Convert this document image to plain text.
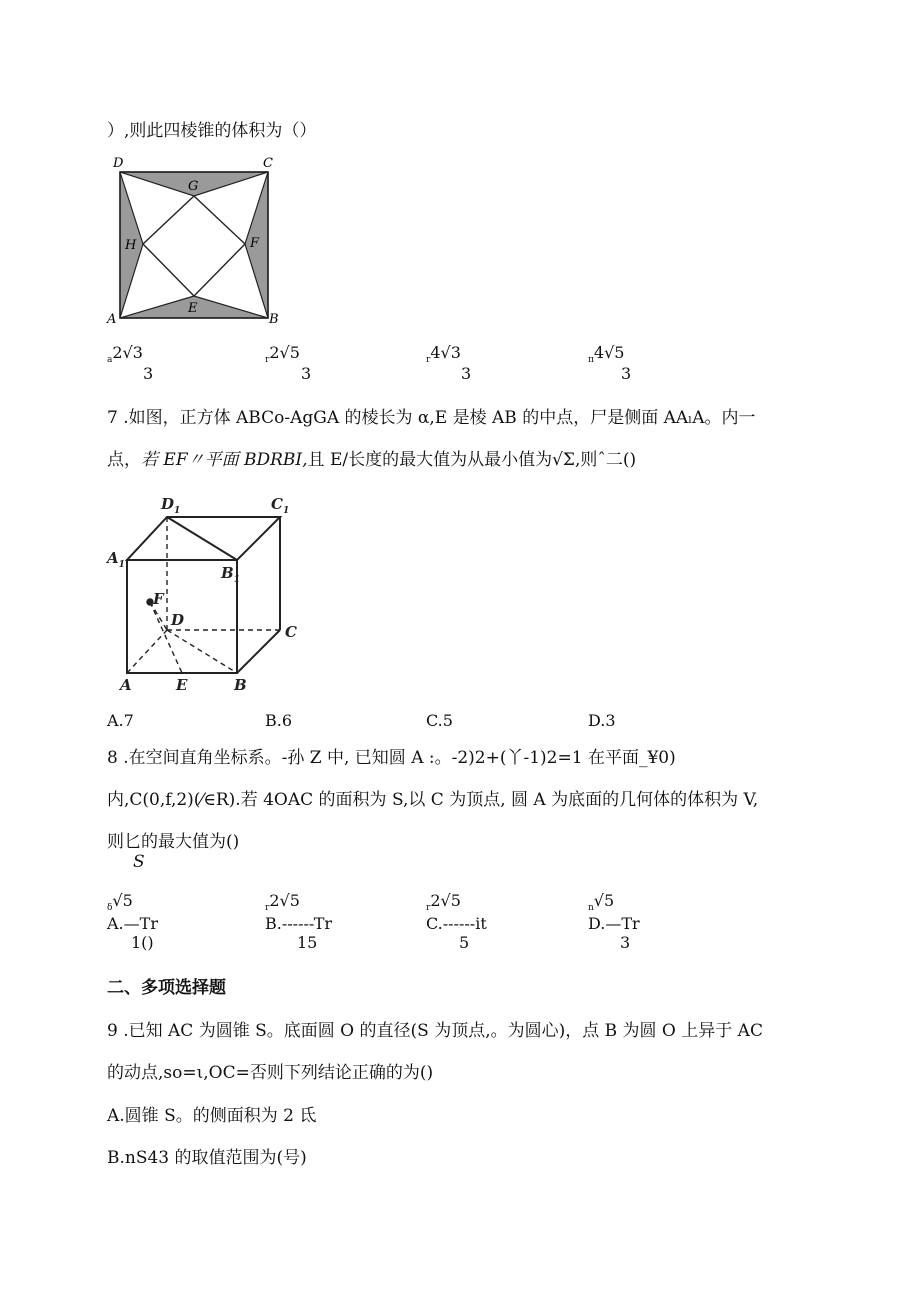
）,则此四棱锥的体积为（）
D	C
A	B
G
E
H	F
$_a$2√3
3
$_r$2√5
3
$_r$4√3
3
$_\pi$4√5
3
7 .如图，正方体 ABCo-AgGA 的棱长为 α,E 是棱 AB 的中点，尸是侧面 AAₗA。内一
点，若 EF〃平面 BDRBI,且 E/长度的最大值为从最小值为√Σ,则ˆ二()
$D_1$	$C_1$
$A_1$	$B_1$
F
D
C
A	E	B
A.7	B.6	C.5	D.3
8 .在空间直角坐标系。-孙 Z 中, 已知圆 A :。-2)2+(丫-1)2=1 在平面_¥0)
内,C(0,f,2)(⁄∈R).若 4OAC 的面积为 S,以 C 为顶点, 圆 A 为底面的几何体的体积为 V,
则匕的最大值为()
S
$_\delta$√5
A.—Tr
1()
$_r$2√5
B.------Tr
15
$_r$2√5
C.------it
5
$_n$√5
D.—Tr
3
二、多项选择题
9 .已知 AC 为圆锥 S。底面圆 O 的直径(S 为顶点,。为圆心)，点 B 为圆 O 上异于 AC
的动点,so=ι,OC=否则下列结论正确的为()
A.圆锥 S。的侧面积为 2 氐
B.nS43 的取值范围为(号)
